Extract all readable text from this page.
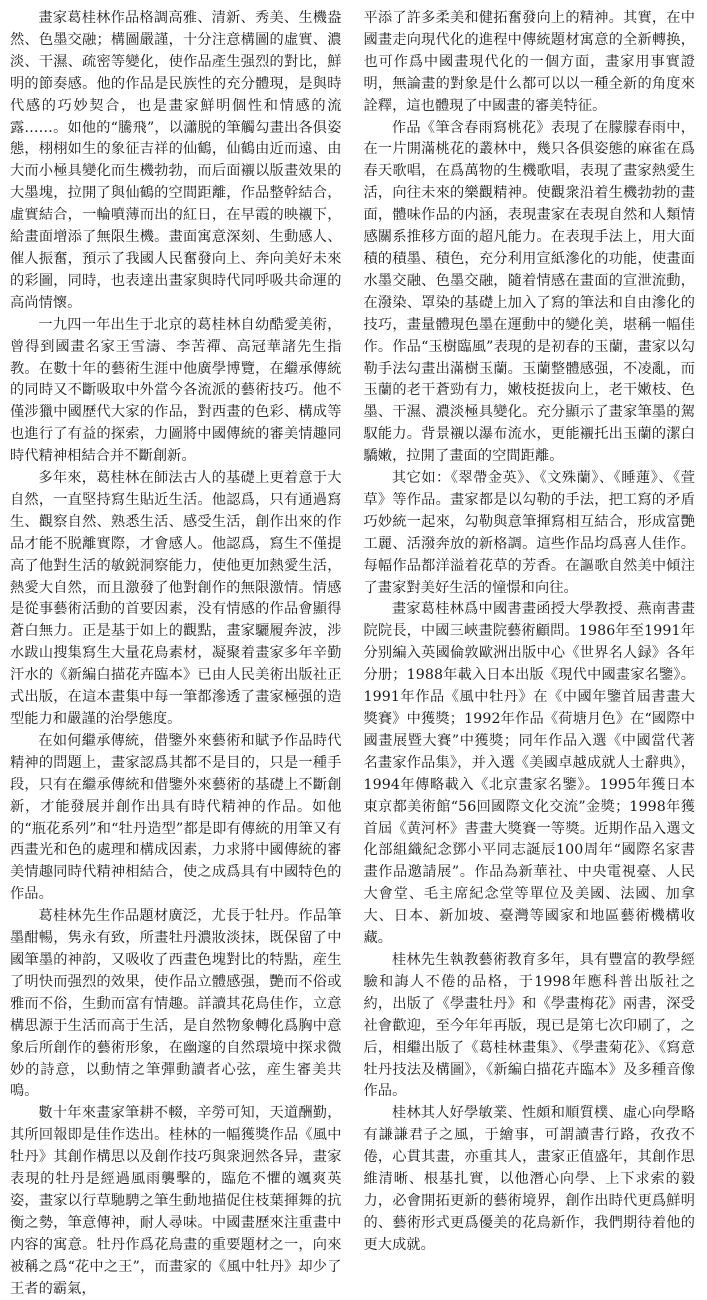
畫家葛桂林作品格調高雅、清新、秀美、生機盎然、色墨交融；構圖嚴謹，十分注意構圖的虛實、濃淡、干濕、疏密等變化，使作品產生强烈的對比，鮮明的節奏感。他的作品是民族性的充分體現，是與時代感的巧妙契合，也是畫家鮮明個性和情感的流露……。如他的“騰飛”，以瀟脱的筆觸勾畫出各俱姿態，栩栩如生的象征吉祥的仙鶴，仙鶴由近而遠、由大而小極具變化而生機勃勃，而后面襯以版畫效果的大墨塊，拉開了與仙鶴的空間距離，作品整幹結合，虛實結合，一輪噴薄而出的紅日，在早霞的映襯下，給畫面增添了無限生機。畫面寓意深刻、生動感人、催人振奮，預示了我國人民奮發向上、奔向美好未來的彩圖，同時，也表達出畫家與時代同呼吸共命運的高尚情懷。

一九四一年出生于北京的葛桂林自幼酷愛美術，曾得到國畫名家王雪濤、李苦禪、高冠華諸先生指教。在數十年的藝術生涯中他廣學博覽，在繼承傳統的同時又不斷吸取中外當今各流派的藝術技巧。他不僅涉獵中國歷代大家的作品，對西畫的色彩、構成等也進行了有益的探索，力圖將中國傳統的審美情趣同時代精神相結合并不斷創新。

多年來，葛桂林在師法古人的基礎上更着意于大自然，一直堅持寫生貼近生活。他認爲，只有通過寫生、觀察自然、熟悉生活、感受生活，創作出來的作品才能不脱離實際，才會感人。他認爲，寫生不僅提高了他對生活的敏鋭洞察能力，使他更加熱愛生活，熱愛大自然，而且激發了他對創作的無限激情。情感是從事藝術活動的首要因素，没有情感的作品會顯得蒼白無力。正是基于如上的觀點，畫家驪履奔波，涉水跋山搜集寫生大量花鳥素材，凝聚着畫家多年辛勤汗水的《新編白描花卉臨本》已由人民美術出版社正式出版，在這本畫集中每一筆都滲透了畫家極强的造型能力和嚴謹的治學態度。

在如何繼承傳統，借鑒外來藝術和賦予作品時代精神的問題上，畫家認爲其都不是目的，只是一種手段，只有在繼承傳統和借鑒外來藝術的基礎上不斷創新，才能發展并創作出具有時代精神的作品。如他的“瓶花系列”和“牡丹造型”都是即有傳統的用筆又有西畫光和色的處理和構成因素，力求將中國傳統的審美情趣同時代精神相結合，使之成爲具有中國特色的作品。

葛桂林先生作品題材廣泛，尤長于牡丹。作品筆墨酣暢，隽永有致，所畫牡丹濃妝淡抹，既保留了中國筆墨的神韵，又吸收了西畫色塊對比的特點，産生了明快而强烈的效果，使作品立體感强，艷而不俗或雅而不俗，生動而富有情趣。詳讀其花鳥佳作，立意構思源于生活而高于生活，是自然物象轉化爲胸中意象后所創作的藝術形象，在幽邃的自然環境中探求微妙的詩意，以動情之筆彈動讀者心弦，産生審美共鳴。

數十年來畫家筆耕不輟，辛勞可知，天道酬勤，其所回報即是佳作迭出。桂林的一幅獲獎作品《風中牡丹》其創作構思以及創作技巧與衆迥然各异，畫家表現的牡丹是經過風雨襲擊的，臨危不懼的颯爽英姿，畫家以行草馳騁之筆生動地描促住枝葉揮舞的抗衡之勢，筆意傳神，耐人尋味。中國畫歷來注重畫中内容的寓意。牡丹作爲花鳥畫的重要題材之一，向來被稱之爲“花中之王”，而畫家的《風中牡丹》却少了王者的霸氣，

平添了許多柔美和健拓奮發向上的精神。其實，在中國畫走向現代化的進程中傳統題材寓意的全新轉换，也可作爲中國畫現代化的一個方面，畫家用事實證明，無論畫的對象是什么都可以以一種全新的角度來詮釋，這也體現了中國畫的審美特征。

作品《筆含春雨寫桃花》表現了在朦朦春雨中，在一片開滿桃花的叢林中，幾只各俱姿態的麻雀在爲春天歌唱，在爲萬物的生機歌唱，表現了畫家熱愛生活，向往未來的樂觀精神。使觀衆沿着生機勃勃的畫面，體味作品的内涵，表現畫家在表現自然和人類情感關系推移方面的超凡能力。在表現手法上，用大面積的積墨、積色，充分利用宣紙滲化的功能，使畫面水墨交融、色墨交融，隨着情感在畫面的宣泄流動，在潑染、罩染的基礎上加入了寫的筆法和自由滲化的技巧，畫量體現色墨在運動中的變化美，堪稱一幅佳作。作品“玉樹臨風”表現的是初春的玉蘭，畫家以勾勒手法勾畫出滿樹玉蘭。玉蘭整體感强，不凌亂，而玉蘭的老干蒼勁有力，嫩枝挺拔向上，老干嫩枝、色墨、干濕、濃淡極具變化。充分顯示了畫家筆墨的駕馭能力。背景襯以瀑布流水，更能襯托出玉蘭的潔白驕嫩，拉開了畫面的空間距離。

其它如：《翠帶金英》、《文殊蘭》、《睡蓮》、《萱草》等作品。畫家都是以勾勒的手法，把工寫的矛盾巧妙統一起來，勾勒與意筆揮寫相互結合，形成富艷工麗、活潑奔放的新格調。這些作品均爲喜人佳作。每幅作品都洋溢着花草的芳香。在謳歌自然美中傾注了畫家對美好生活的憧憬和向往。

畫家葛桂林爲中國書畫函授大學教授、燕南書畫院院長，中國三峽畫院藝術顧問。1986年至1991年分别編入英國倫敦歐洲出版中心《世界名人録》各年分册；1988年載入日本出版《現代中國畫家名鑒》。1991年作品《風中牡丹》在《中國年鑒首屆書畫大獎賽》中獲獎；1992年作品《荷塘月色》在“國際中國畫展暨大賽”中獲獎；同年作品入選《中國當代著名畫家作品集》，并入選《美國卓越成就人士辭典》，1994年傳略載入《北京畫家名鑒》。1995年獲日本東京都美術館“56回國際文化交流”金獎；1998年獲首屆《黄河杯》書畫大獎賽一等獎。近期作品入選文化部組織紀念鄧小平同志誕辰100周年“國際名家書畫作品邀請展”。作品為新華社、中央電視臺、人民大會堂、毛主席紀念堂等單位及美國、法國、加拿大、日本、新加坡、臺灣等國家和地區藝術機構收藏。

桂林先生執教藝術教育多年，具有豐富的教學經驗和誨人不倦的品格，于1998年應科普出版社之約，出版了《學畫牡丹》和《學畫梅花》兩書，深受社會歡迎，至今年年再版，現已是第七次印刷了，之后，相繼出版了《葛桂林畫集》、《學畫菊花》、《寫意牡丹技法及構圖》，《新編白描花卉臨本》及多種音像作品。

桂林其人好學敏業、性頗和順質樸、虛心向學略有謙謙君子之風，于繪事，可謂讀書行路，孜孜不倦，心貫其畫，亦重其人，畫家正值盛年，其創作思維清晰、根基扎實，以他潛心向學、上下求索的毅力，必會開拓更新的藝術境界，創作出時代更爲鮮明的、藝術形式更爲優美的花鳥新作，我們期待着他的更大成就。
